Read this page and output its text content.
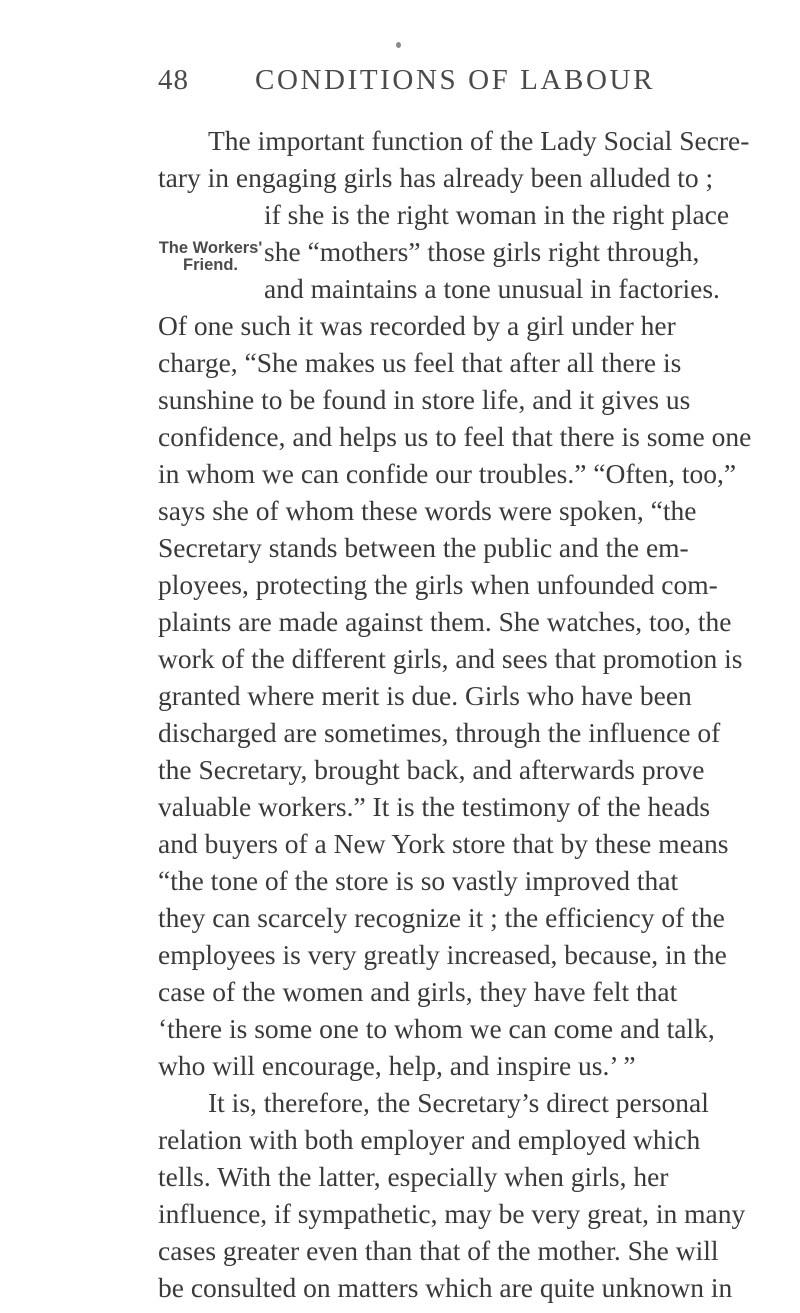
48 CONDITIONS OF LABOUR
The Workers'
Friend.
The important function of the Lady Social Secre-
tary in engaging girls has already been alluded to ;
if she is the right woman in the right place
she “mothers” those girls right through,
and maintains a tone unusual in factories.
Of one such it was recorded by a girl under her
charge, “She makes us feel that after all there is
sunshine to be found in store life, and it gives us
confidence, and helps us to feel that there is some one
in whom we can confide our troubles.” “Often, too,”
says she of whom these words were spoken, “the
Secretary stands between the public and the em-
ployees, protecting the girls when unfounded com-
plaints are made against them. She watches, too, the
work of the different girls, and sees that promotion is
granted where merit is due. Girls who have been
discharged are sometimes, through the influence of
the Secretary, brought back, and afterwards prove
valuable workers.” It is the testimony of the heads
and buyers of a New York store that by these means
“the tone of the store is so vastly improved that
they can scarcely recognize it ; the efficiency of the
employees is very greatly increased, because, in the
case of the women and girls, they have felt that
‘there is some one to whom we can come and talk,
who will encourage, help, and inspire us.’ ”
It is, therefore, the Secretary’s direct personal
relation with both employer and employed which
tells. With the latter, especially when girls, her
influence, if sympathetic, may be very great, in many
cases greater even than that of the mother. She will
be consulted on matters which are quite unknown in
